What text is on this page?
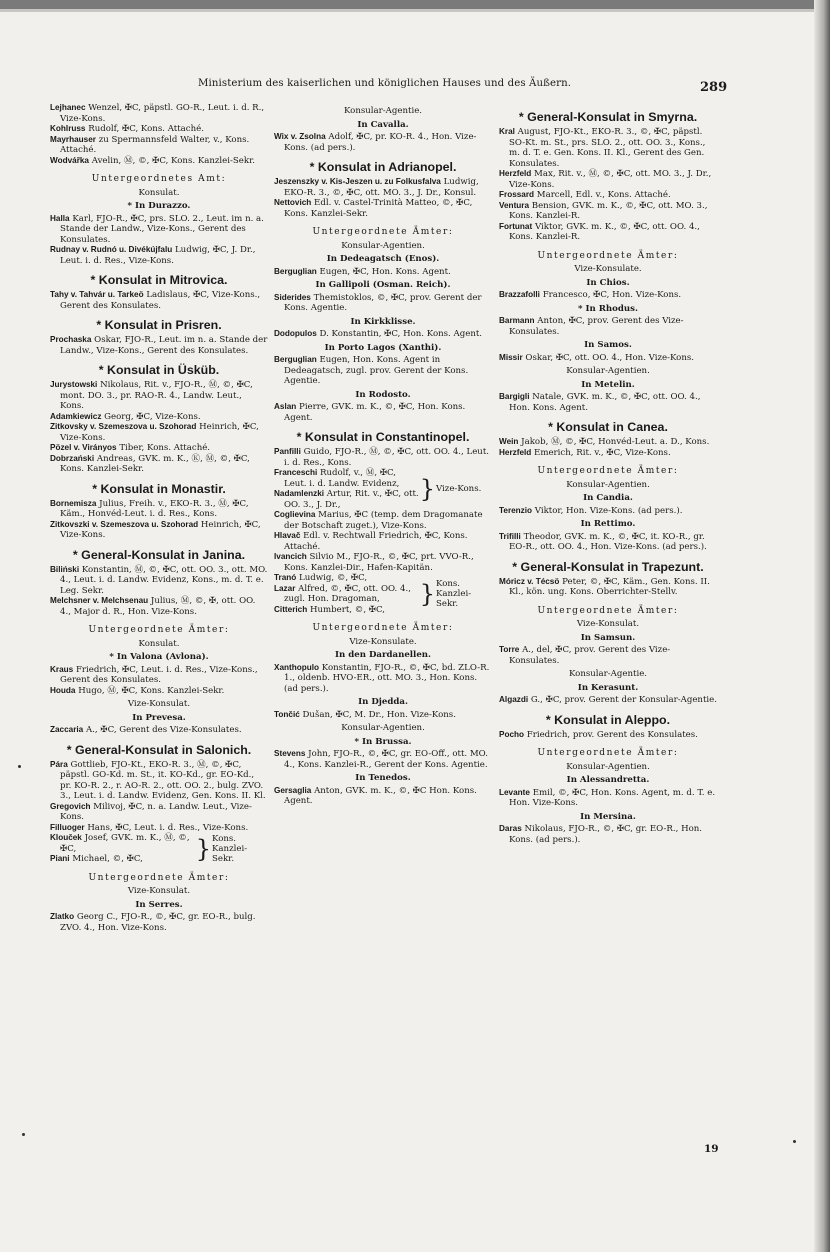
Ministerium des kaiserlichen und königlichen Hauses und des Äußern.	289

Lejhanec Wenzel, ✠C, päpstl. GO-R., Leut. i. d. R., Vize-Kons.

Kohlruss Rudolf, ✠C, Kons. Attaché.

Mayrhauser zu Spermannsfeld Walter, v., Kons. Attaché.

Wodvářka Avelin, Ⓜ, ©, ✠C, Kons. Kanzlei-Sekr.

Untergeordnetes Amt:
Konsulat.
* In Durazzo.

Halla Karl, FJO-R., ✠C, prs. SLO. 2., Leut. im n. a. Stande der Landw., Vize-Kons., Gerent des Konsulates.

Rudnay v. Rudnó u. Divékújfalu Ludwig, ✠C, J. Dr., Leut. i. d. Res., Vize-Kons.

* Konsulat in Mitrovica.

Tahy v. Tahvár u. Tarkeö Ladislaus, ✠C, Vize-Kons., Gerent des Konsulates.

* Konsulat in Prisren.

Prochaska Oskar, FJO-R., Leut. im n. a. Stande der Landw., Vize-Kons., Gerent des Konsulates.

* Konsulat in Üsküb.

Jurystowski Nikolaus, Rit. v., FJO-R., Ⓜ, ©, ✠C, mont. DO. 3., pr. RAO-R. 4., Landw. Leut., Kons.

Adamkiewicz Georg, ✠C, Vize-Kons.

Zitkovsky v. Szemeszova u. Szohorad Heinrich, ✠C, Vize-Kons.

Pözel v. Virányos Tiber, Kons. Attaché.

Dobrzański Andreas, GVK. m. K., Ⓚ, Ⓜ, ©, ✠C, Kons. Kanzlei-Sekr.

* Konsulat in Monastir.

Bornemisza Julius, Freih. v., EKO-R. 3., Ⓜ, ✠C, Käm., Honvéd-Leut. i. d. Res., Kons.

Zitkovszki v. Szemeszova u. Szohorad Heinrich, ✠C, Vize-Kons.

* General-Konsulat in Janina.

Biliński Konstantin, Ⓜ, ©, ✠C, ott. OO. 3., ott. MO. 4., Leut. i. d. Landw. Evidenz, Kons., m. d. T. e. Leg. Sekr.

Melchsner v. Melchsenau Julius, Ⓜ, ©, ✠, ott. OO. 4., Major d. R., Hon. Vize-Kons.

Untergeordnete Ämter:
Konsulat.
* In Valona (Avlona).

Kraus Friedrich, ✠C, Leut. i. d. Res., Vize-Kons., Gerent des Konsulates.

Houda Hugo, Ⓜ, ✠C, Kons. Kanzlei-Sekr.

Vize-Konsulat.
In Prevesa.

Zaccaria A., ✠C, Gerent des Vize-Konsulates.

* General-Konsulat in Salonich.

Pára Gottlieb, FJO-Kt., EKO-R. 3., Ⓜ, ©, ✠C, päpstl. GO-Kd. m. St., it. KO-Kd., gr. EO-Kd., pr. KO-R. 2., r. AO-R. 2., ott. OO. 2., bulg. ZVO. 3., Leut. i. d. Landw. Evidenz, Gen. Kons. II. Kl.

Gregovich Milivoj, ✠C, n. a. Landw. Leut., Vize-Kons.

Filluoger Hans, ✠C, Leut. i. d. Res., Vize-Kons.

Klouček Josef, GVK. m. K., Ⓜ, ©, ✠C,

Piani Michael, ©, ✠C,	} Kons. Kanzlei-Sekr.
Untergeordnete Ämter:
Vize-Konsulat.
In Serres.

Zlatko Georg C., FJO-R., ©, ✠C, gr. EO-R., bulg. ZVO. 4., Hon. Vize-Kons.

Konsular-Agentie.
In Cavalla.

Wix v. Zsolna Adolf, ✠C, pr. KO-R. 4., Hon. Vize-Kons. (ad pers.).

* Konsulat in Adrianopel.

Jeszenszky v. Kis-Jeszen u. zu Folkusfalva Ludwig, EKO-R. 3., ©, ✠C, ott. MO. 3., J. Dr., Konsul.

Nettovich Edl. v. Castel-Trinità Matteo, ©, ✠C, Kons. Kanzlei-Sekr.

Untergeordnete Ämter:
Konsular-Agentien.
In Dedeagatsch (Enos).

Berguglian Eugen, ✠C, Hon. Kons. Agent.

In Gallipoli (Osman. Reich).

Siderides Themistoklos, ©, ✠C, prov. Gerent der Kons. Agentie.

In Kirkklisse.

Dodopulos D. Konstantin, ✠C, Hon. Kons. Agent.

In Porto Lagos (Xanthi).

Berguglian Eugen, Hon. Kons. Agent in Dedeagatsch, zugl. prov. Gerent der Kons. Agentie.

In Rodosto.

Aslan Pierre, GVK. m. K., ©, ✠C, Hon. Kons. Agent.

* Konsulat in Constantinopel.

Panfilli Guido, FJO-R., Ⓜ, ©, ✠C, ott. OO. 4., Leut. i. d. Res., Kons.

Franceschi Rudolf, v., Ⓜ, ✠C, Leut. i. d. Landw. Evidenz,

Nadamlenzki Artur, Rit. v., ✠C, ott. OO. 3., J. Dr.,

} Vize-Kons.

Coglievina Marius, ✠C (temp. dem Dragomanate der Botschaft zuget.), Vize-Kons.

Hlavač Edl. v. Rechtwall Friedrich, ✠C, Kons. Attaché.

Ivancich Silvio M., FJO-R., ©, ✠C, prt. VVO-R., Kons. Kanzlei-Dir., Hafen-Kapitän.

Tranó Ludwig, ©, ✠C,

Lazar Alfred, ©, ✠C, ott. OO. 4., zugl. Hon. Dragoman,

Citterich Humbert, ©, ✠C,

} Kons. Kanzlei-Sekr.
Untergeordnete Ämter:
Vize-Konsulate.
In den Dardanellen.

Xanthopulo Konstantin, FJO-R., ©, ✠C, bd. ZLO-R. 1., oldenb. HVO-ER., ott. MO. 3., Hon. Kons. (ad pers.).

In Djedda.

Tončić Dušan, ✠C, M. Dr., Hon. Vize-Kons.

Konsular-Agentien.
* In Brussa.

Stevens John, FJO-R., ©, ✠C, gr. EO-Off., ott. MO. 4., Kons. Kanzlei-R., Gerent der Kons. Agentie.

In Tenedos.

Gersaglia Anton, GVK. m. K., ©, ✠C Hon. Kons. Agent.

* General-Konsulat in Smyrna.

Kral August, FJO-Kt., EKO-R. 3., ©, ✠C, päpstl. SO-Kt. m. St., prs. SLO. 2., ott. OO. 3., Kons., m. d. T. e. Gen. Kons. II. Kl., Gerent des Gen. Konsulates.

Herzfeld Max, Rit. v., Ⓜ, ©, ✠C, ott. MO. 3., J. Dr., Vize-Kons.

Frossard Marcell, Edl. v., Kons. Attaché.

Ventura Bension, GVK. m. K., ©, ✠C, ott. MO. 3., Kons. Kanzlei-R.

Fortunat Viktor, GVK. m. K., ©, ✠C, ott. OO. 4., Kons. Kanzlei-R.

Untergeordnete Ämter:
Vize-Konsulate.
In Chios.

Brazzafolli Francesco, ✠C, Hon. Vize-Kons.

* In Rhodus.

Barmann Anton, ✠C, prov. Gerent des Vize-Konsulates.

In Samos.

Missir Oskar, ✠C, ott. OO. 4., Hon. Vize-Kons.

Konsular-Agentien.
In Metelin.

Bargigli Natale, GVK. m. K., ©, ✠C, ott. OO. 4., Hon. Kons. Agent.

* Konsulat in Canea.

Wein Jakob, Ⓜ, ©, ✠C, Honvéd-Leut. a. D., Kons.

Herzfeld Emerich, Rit. v., ✠C, Vize-Kons.

Untergeordnete Ämter:
Konsular-Agentien.
In Candia.

Terenzio Viktor, Hon. Vize-Kons. (ad pers.).

In Rettimo.

Trifilli Theodor, GVK. m. K., ©, ✠C, it. KO-R., gr. EO-R., ott. OO. 4., Hon. Vize-Kons. (ad pers.).

* General-Konsulat in Trapezunt.

Móricz v. Técsö Peter, ©, ✠C, Käm., Gen. Kons. II. Kl., kön. ung. Kons. Oberrichter-Stellv.

Untergeordnete Ämter:
Vize-Konsulat.
In Samsun.

Torre A., del, ✠C, prov. Gerent des Vize-Konsulates.

Konsular-Agentie.
In Kerasunt.

Algazdi G., ✠C, prov. Gerent der Konsular-Agentie.

* Konsulat in Aleppo.

Pocho Friedrich, prov. Gerent des Konsulates.

Untergeordnete Ämter:
Konsular-Agentien.
In Alessandretta.

Levante Emil, ©, ✠C, Hon. Kons. Agent, m. d. T. e. Hon. Vize-Kons.

In Mersina.

Daras Nikolaus, FJO-R., ©, ✠C, gr. EO-R., Hon. Kons. (ad pers.).

19
